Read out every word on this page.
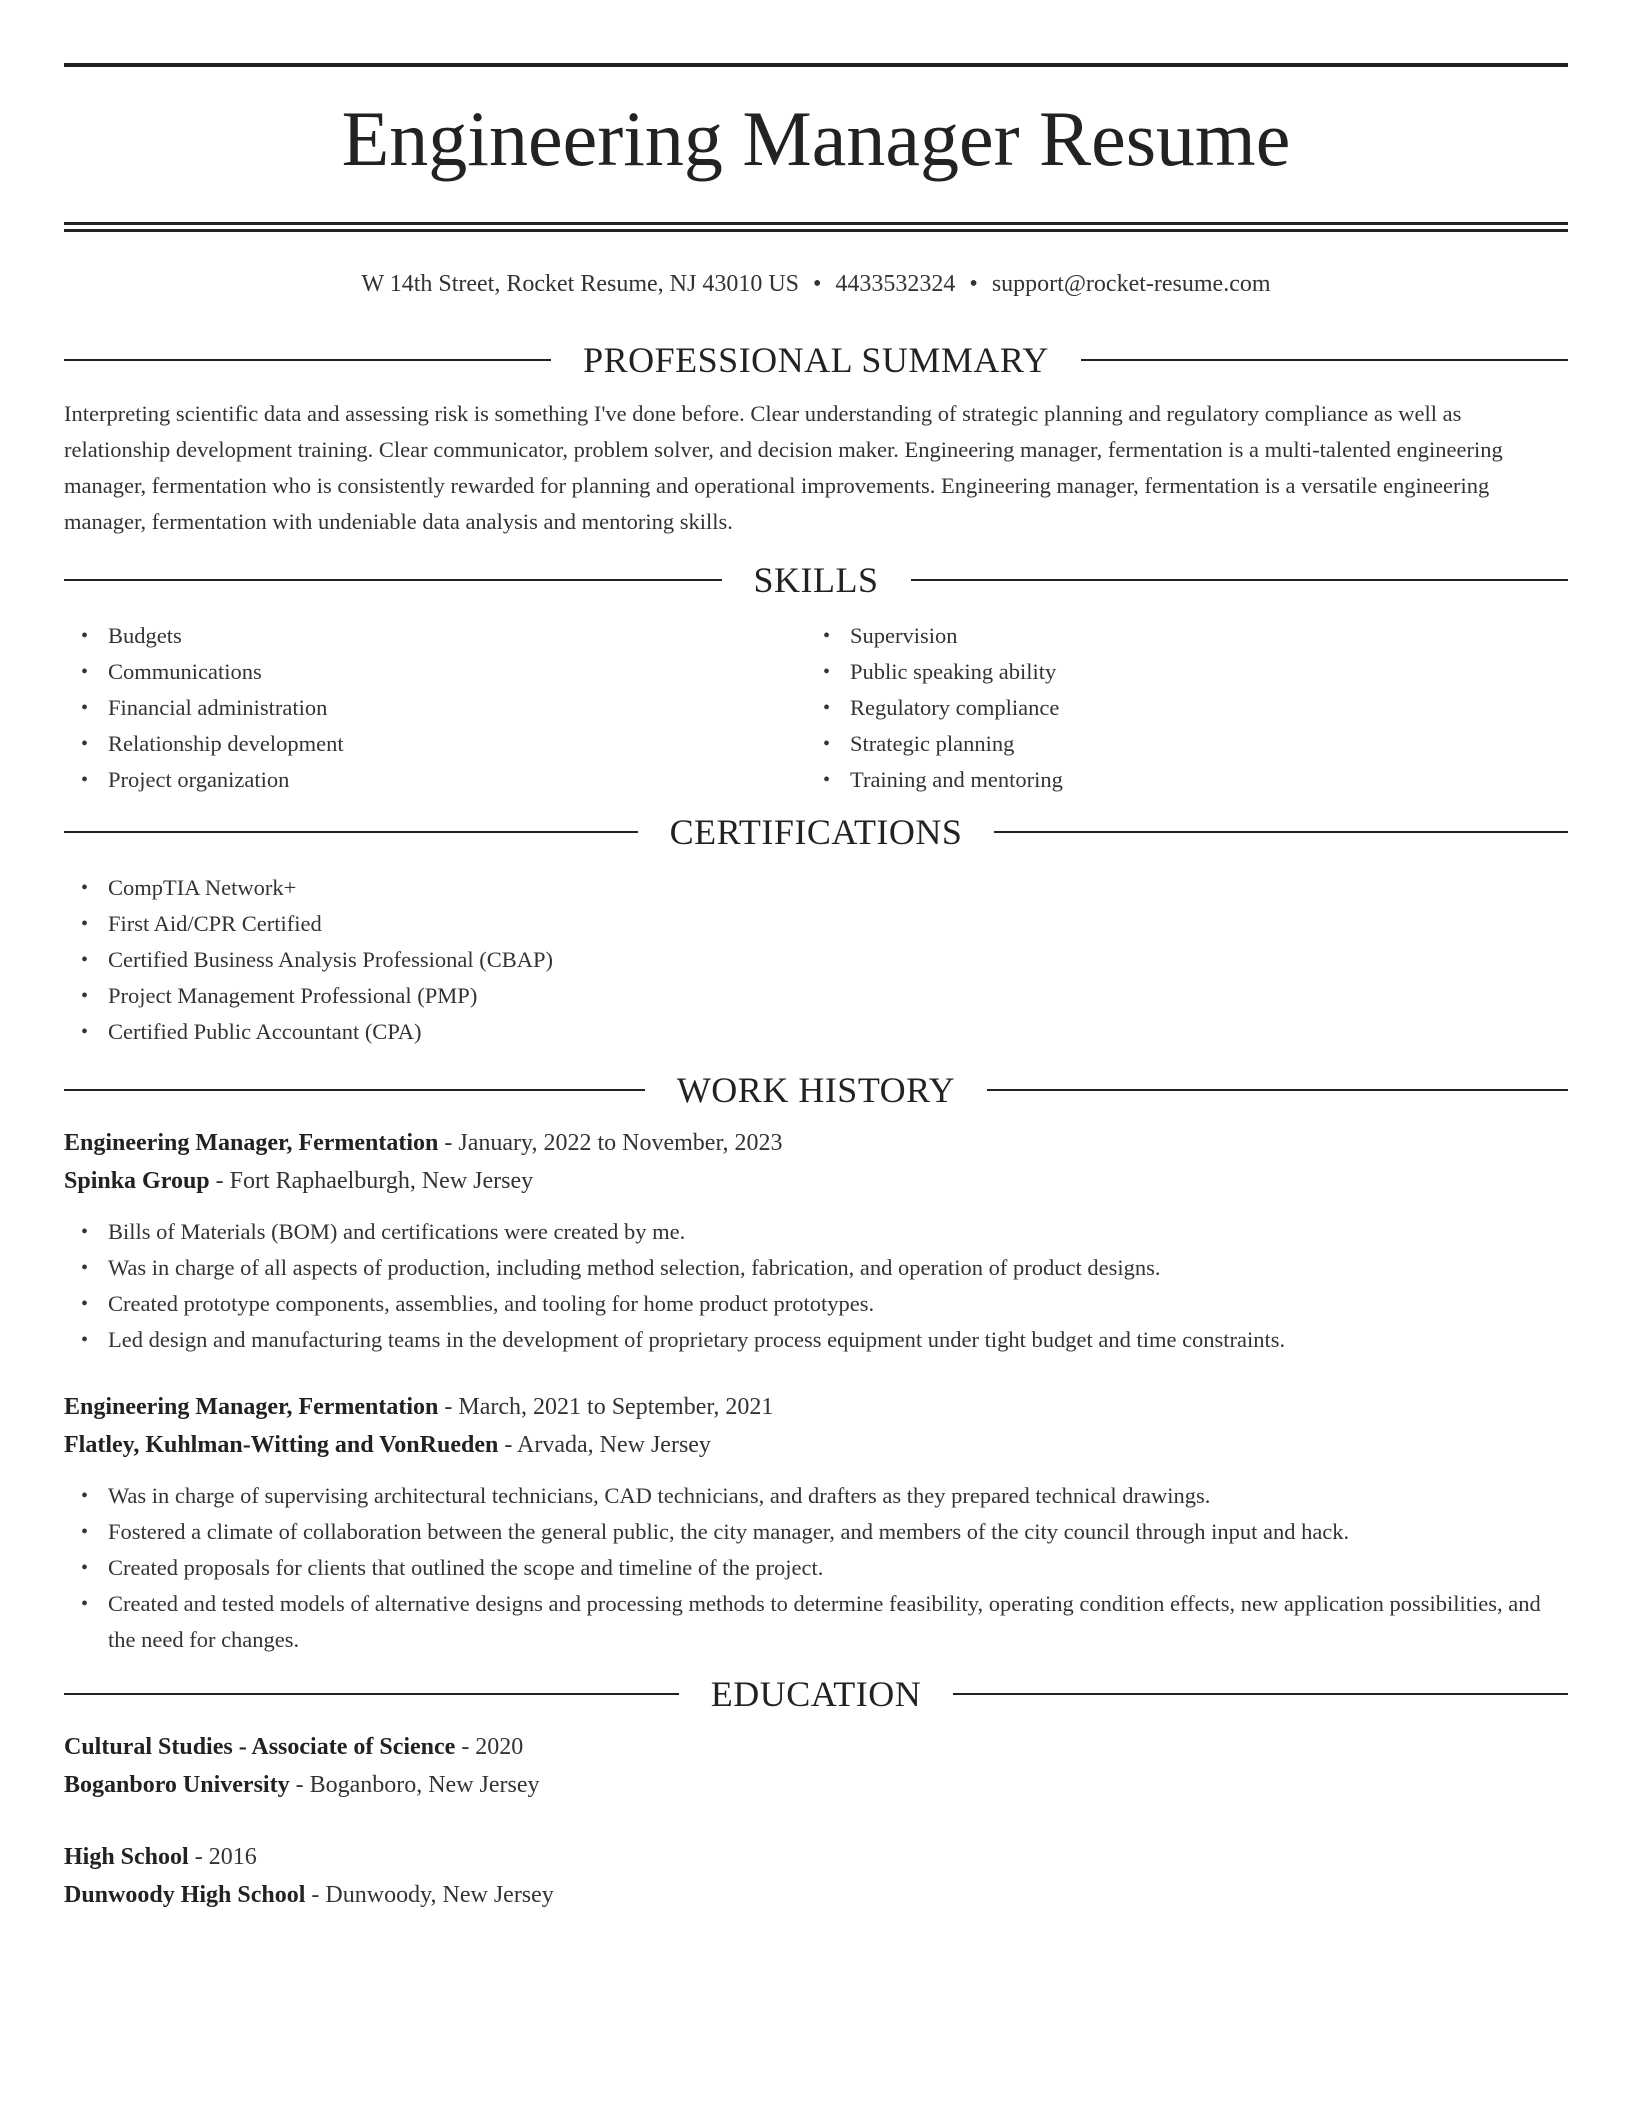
Engineering Manager Resume
W 14th Street, Rocket Resume, NJ 43010 US • 4433532324 • support@rocket-resume.com
PROFESSIONAL SUMMARY

Interpreting scientific data and assessing risk is something I've done before. Clear understanding of strategic planning and regulatory compliance as well as relationship development training. Clear communicator, problem solver, and decision maker. Engineering manager, fermentation is a multi-talented engineering manager, fermentation who is consistently rewarded for planning and operational improvements. Engineering manager, fermentation is a versatile engineering manager, fermentation with undeniable data analysis and mentoring skills.

SKILLS
• Budgets
• Communications
• Financial administration
• Relationship development
• Project organization
• Supervision
• Public speaking ability
• Regulatory compliance
• Strategic planning
• Training and mentoring
CERTIFICATIONS
• CompTIA Network+
• First Aid/CPR Certified
• Certified Business Analysis Professional (CBAP)
• Project Management Professional (PMP)
• Certified Public Accountant (CPA)
WORK HISTORY
Engineering Manager, Fermentation - January, 2022 to November, 2023
Spinka Group - Fort Raphaelburgh, New Jersey
• Bills of Materials (BOM) and certifications were created by me.
• Was in charge of all aspects of production, including method selection, fabrication, and operation of product designs.
• Created prototype components, assemblies, and tooling for home product prototypes.
• Led design and manufacturing teams in the development of proprietary process equipment under tight budget and time constraints.
Engineering Manager, Fermentation - March, 2021 to September, 2021
Flatley, Kuhlman-Witting and VonRueden - Arvada, New Jersey
• Was in charge of supervising architectural technicians, CAD technicians, and drafters as they prepared technical drawings.
• Fostered a climate of collaboration between the general public, the city manager, and members of the city council through input and hack.
• Created proposals for clients that outlined the scope and timeline of the project.
• Created and tested models of alternative designs and processing methods to determine feasibility, operating condition effects, new application possibilities, and the need for changes.
EDUCATION
Cultural Studies - Associate of Science - 2020
Boganboro University - Boganboro, New Jersey
High School - 2016
Dunwoody High School - Dunwoody, New Jersey
